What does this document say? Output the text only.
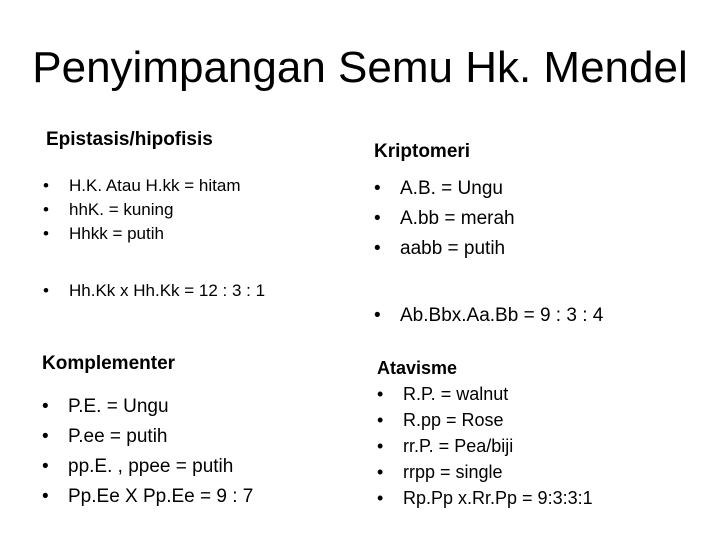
Penyimpangan Semu Hk. Mendel
Epistasis/hipofisis
• H.K. Atau H.kk = hitam
• hhK. = kuning
• Hhkk = putih
• Hh.Kk x Hh.Kk = 12 : 3 : 1
Kriptomeri
• A.B. = Ungu
• A.bb = merah
• aabb = putih
• Ab.Bbx.Aa.Bb = 9 : 3 : 4
Komplementer
• P.E. = Ungu
• P.ee = putih
• pp.E. , ppee = putih
• Pp.Ee X Pp.Ee = 9 : 7
Atavisme
• R.P. = walnut
• R.pp = Rose
• rr.P. = Pea/biji
• rrpp = single
• Rp.Pp x.Rr.Pp = 9:3:3:1
